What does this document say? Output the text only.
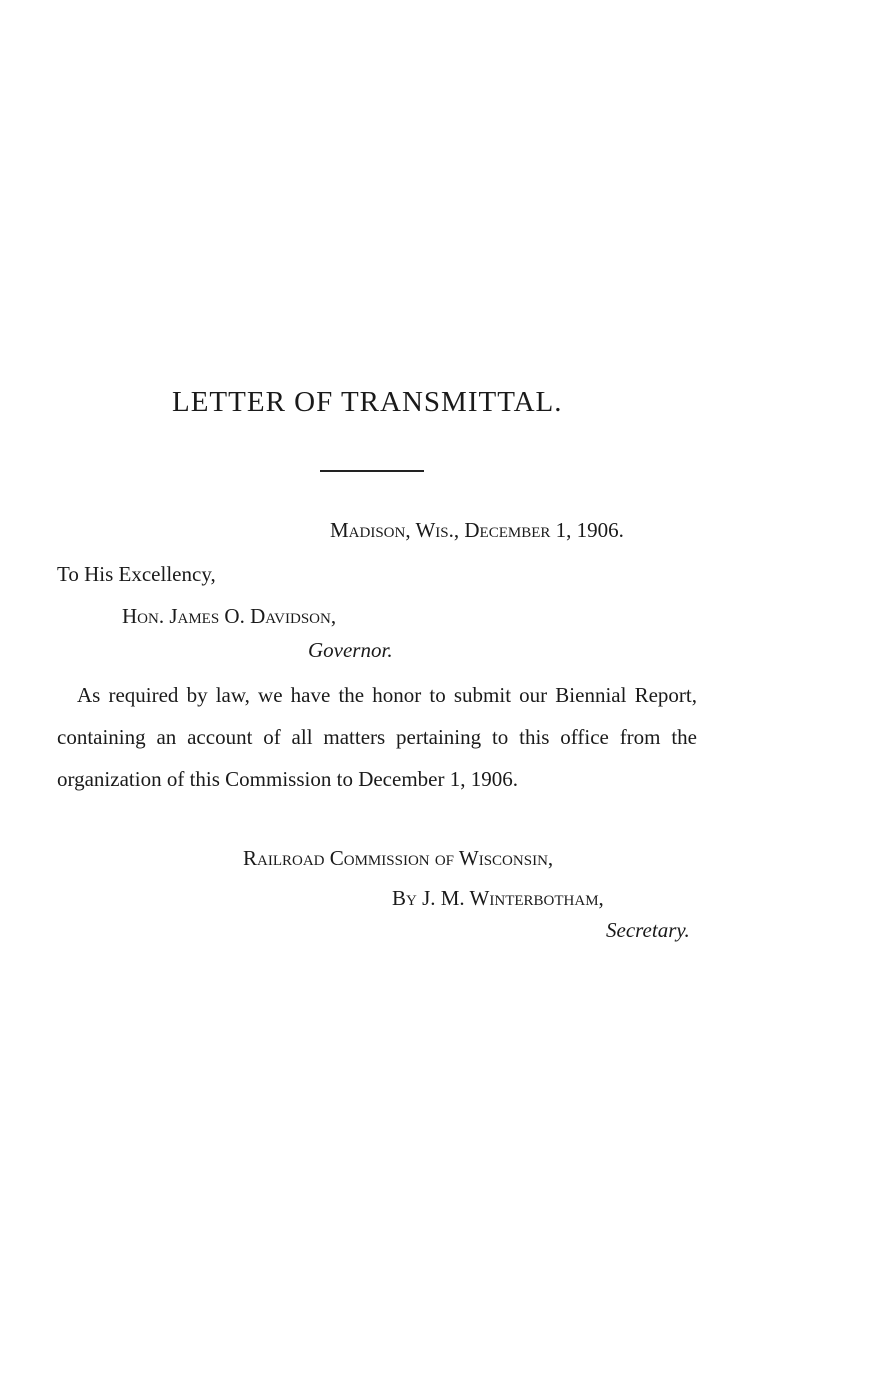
LETTER OF TRANSMITTAL.
Madison, Wis., December 1, 1906.
To His Excellency,
Hon. James O. Davidson,
Governor.
As required by law, we have the honor to submit our Biennial Report, containing an account of all matters pertaining to this office from the organization of this Commission to December 1, 1906.
Railroad Commission of Wisconsin,
By J. M. Winterbotham,
Secretary.
